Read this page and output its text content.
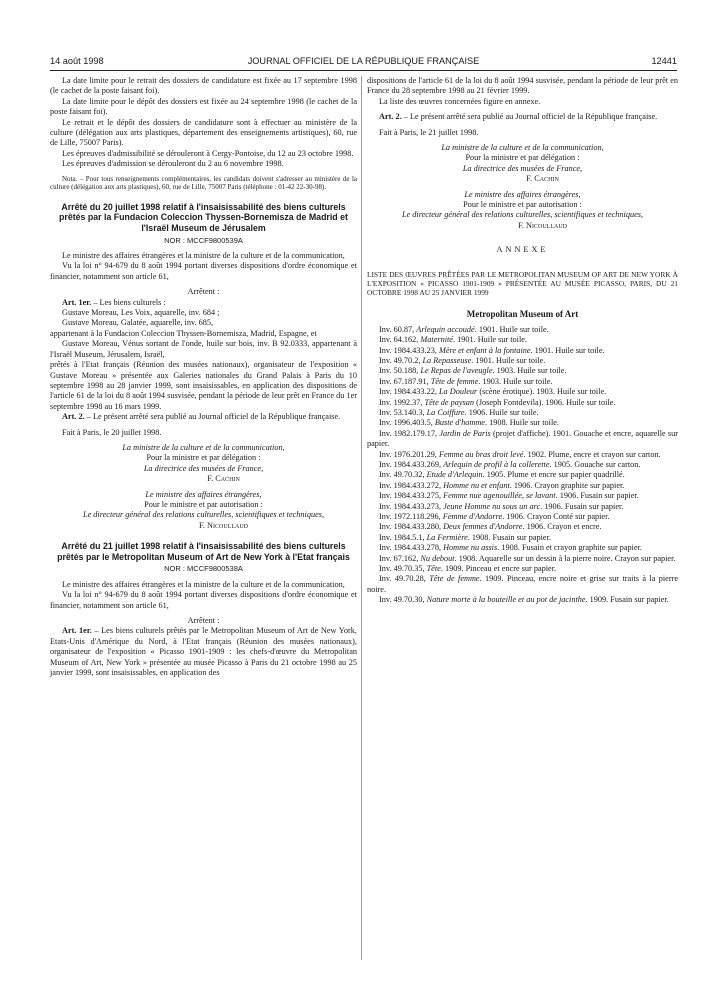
14 août 1998	JOURNAL OFFICIEL DE LA RÉPUBLIQUE FRANÇAISE	12441

La date limite pour le retrait des dossiers de candidature est fixée au 17 septembre 1998 (le cachet de la poste faisant foi).

La date limite pour le dépôt des dossiers est fixée au 24 septembre 1998 (le cachet de la poste faisant foi).

Le retrait et le dépôt des dossiers de candidature sont à effectuer au ministère de la culture (délégation aux arts plastiques, département des enseignements artistiques), 60, rue de Lille, 75007 Paris).

Les épreuves d'admissibilité se dérouleront à Cergy-Pontoise, du 12 au 23 octobre 1998.

Les épreuves d'admission se dérouleront du 2 au 6 novembre 1998.

Nota. – Pour tous renseignements complémentaires, les candidats doivent s'adresser au ministère de la culture (délégation aux arts plastiques), 60, rue de Lille, 75007 Paris (téléphone : 01-42 22-30-98).

Arrêté du 20 juillet 1998 relatif à l'insaisissabilité des biens culturels prêtés par la Fundacion Coleccion Thyssen-Bornemisza de Madrid et l'Israël Museum de Jérusalem
NOR : MCCF9800539A

Le ministre des affaires étrangères et la ministre de la culture et de la communication,

Vu la loi n° 94-679 du 8 août 1994 portant diverses dispositions d'ordre économique et financier, notamment son article 61,

Arrêtent :

Art. 1er. – Les biens culturels :

Gustave Moreau, Les Voix, aquarelle, inv. 684 ;

Gustave Moreau, Galatée, aquarelle, inv. 685,

appartenant à la Fundacion Coleccion Thyssen-Bornemisza, Madrid, Espagne, et

Gustave Moreau, Vénus sortant de l'onde, huile sur bois, inv. B 92.0333, appartenant à l'Israël Museum, Jérusalem, Israël,

prêtés à l'Etat français (Réunion des musées nationaux), organisateur de l'exposition « Gustave Moreau » présentée aux Galeries nationales du Grand Palais à Paris du 10 septembre 1998 au 28 janvier 1999, sont insaisissables, en application des dispositions de l'article 61 de la loi du 8 août 1994 susvisée, pendant la période de leur prêt en France du 1er septembre 1998 au 16 mars 1999.

Art. 2. – Le présent arrêté sera publié au Journal officiel de la République française.

Fait à Paris, le 20 juillet 1998.

La ministre de la culture et de la communication,

Pour la ministre et par délégation :

La directrice des musées de France,

F. Cachin

Le ministre des affaires étrangères,

Pour le ministre et par autorisation :

Le directeur général des relations culturelles, scientifiques et techniques,

F. Nicoullaud

Arrêté du 21 juillet 1998 relatif à l'insaisissabilité des biens culturels prêtés par le Metropolitan Museum of Art de New York à l'Etat français
NOR : MCCF9800538A

Le ministre des affaires étrangères et la ministre de la culture et de la communication,

Vu la loi n° 94-679 du 8 août 1994 portant diverses dispositions d'ordre économique et financier, notamment son article 61,

Arrêtent :

Art. 1er. – Les biens culturels prêtés par le Metropolitan Museum of Art de New York, Etats-Unis d'Amérique du Nord, à l'Etat français (Réunion des musées nationaux), organisateur de l'exposition « Picasso 1901-1909 : les chefs-d'œuvre du Metropolitan Museum of Art, New York » présentée au musée Picasso à Paris du 21 octobre 1998 au 25 janvier 1999, sont insaisissables, en application des

dispositions de l'article 61 de la loi du 8 août 1994 susvisée, pendant la période de leur prêt en France du 28 septembre 1998 au 21 février 1999.

La liste des œuvres concernées figure en annexe.

Art. 2. – Le présent arrêté sera publié au Journal officiel de la République française.

Fait à Paris, le 21 juillet 1998.

La ministre de la culture et de la communication,

Pour la ministre et par délégation :

La directrice des musées de France,

F. Cachin

Le ministre des affaires étrangères,

Pour le ministre et par autorisation :

Le directeur général des relations culturelles, scientifiques et techniques,

F. Nicoullaud

ANNEXE

LISTE DES ŒUVRES PRÊTÉES PAR LE METROPOLITAN MUSEUM OF ART DE NEW YORK À L'EXPOSITION « PICASSO 1901-1909 » PRÉSENTÉE AU MUSÉE PICASSO, PARIS, DU 21 OCTOBRE 1998 AU 25 JANVIER 1999

Metropolitan Museum of Art

Inv. 60.87, Arlequin accoudé. 1901. Huile sur toile.

Inv. 64.162, Maternité. 1901. Huile sur toile.

Inv. 1984.433.23, Mère et enfant à la fontaine. 1901. Huile sur toile.

Inv. 49.70.2, La Repasseuse. 1901. Huile sur toile.

Inv. 50.188, Le Repas de l'aveugle. 1903. Huile sur toile.

Inv. 67.187.91, Tête de femme. 1903. Huile sur toile.

Inv. 1984.433.22, La Douleur (scène érotique). 1903. Huile sur toile.

Inv. 1992.37, Tête de paysan (Joseph Fontdevila). 1906. Huile sur toile.

Inv. 53.140.3, La Coiffure. 1906. Huile sur toile.

Inv. 1996.403.5, Buste d'homme. 1908. Huile sur toile.

Inv. 1982.179.17, Jardin de Paris (projet d'affiche). 1901. Gouache et encre, aquarelle sur papier.

Inv. 1976.201.29, Femme au bras droit levé. 1902. Plume, encre et crayon sur carton.

Inv. 1984.433.269, Arlequin de profil à la collerette. 1905. Gouache sur carton.

Inv. 49.70.32, Etude d'Arlequin. 1905. Plume et encre sur papier quadrillé.

Inv. 1984.433.272, Homme nu et enfant. 1906. Crayon graphite sur papier.

Inv. 1984.433.275, Femme nue agenouillée, se lavant. 1906. Fusain sur papier.

Inv. 1984.433.273, Jeune Homme nu sous un arc. 1906. Fusain sur papier.

Inv. 1972.118.296, Femme d'Andorre. 1906. Crayon Conté sur papier.

Inv. 1984.433.280, Deux femmes d'Andorre. 1906. Crayon et encre.

Inv. 1984.5.1, La Fermière. 1908. Fusain sur papier.

Inv. 1984.433.278, Homme nu assis. 1908. Fusain et crayon graphite sur papier.

Inv. 67.162, Nu debout. 1908. Aquarelle sur un dessin à la pierre noire. Crayon sur papier.

Inv. 49.70.35, Tête. 1909. Pinceau et encre sur papier.

Inv. 49.70.28, Tête de femme. 1909. Pinceau, encre noire et grise sur traits à la pierre noire.

Inv. 49.70.30, Nature morte à la bouteille et au pot de jacinthe. 1909. Fusain sur papier.
